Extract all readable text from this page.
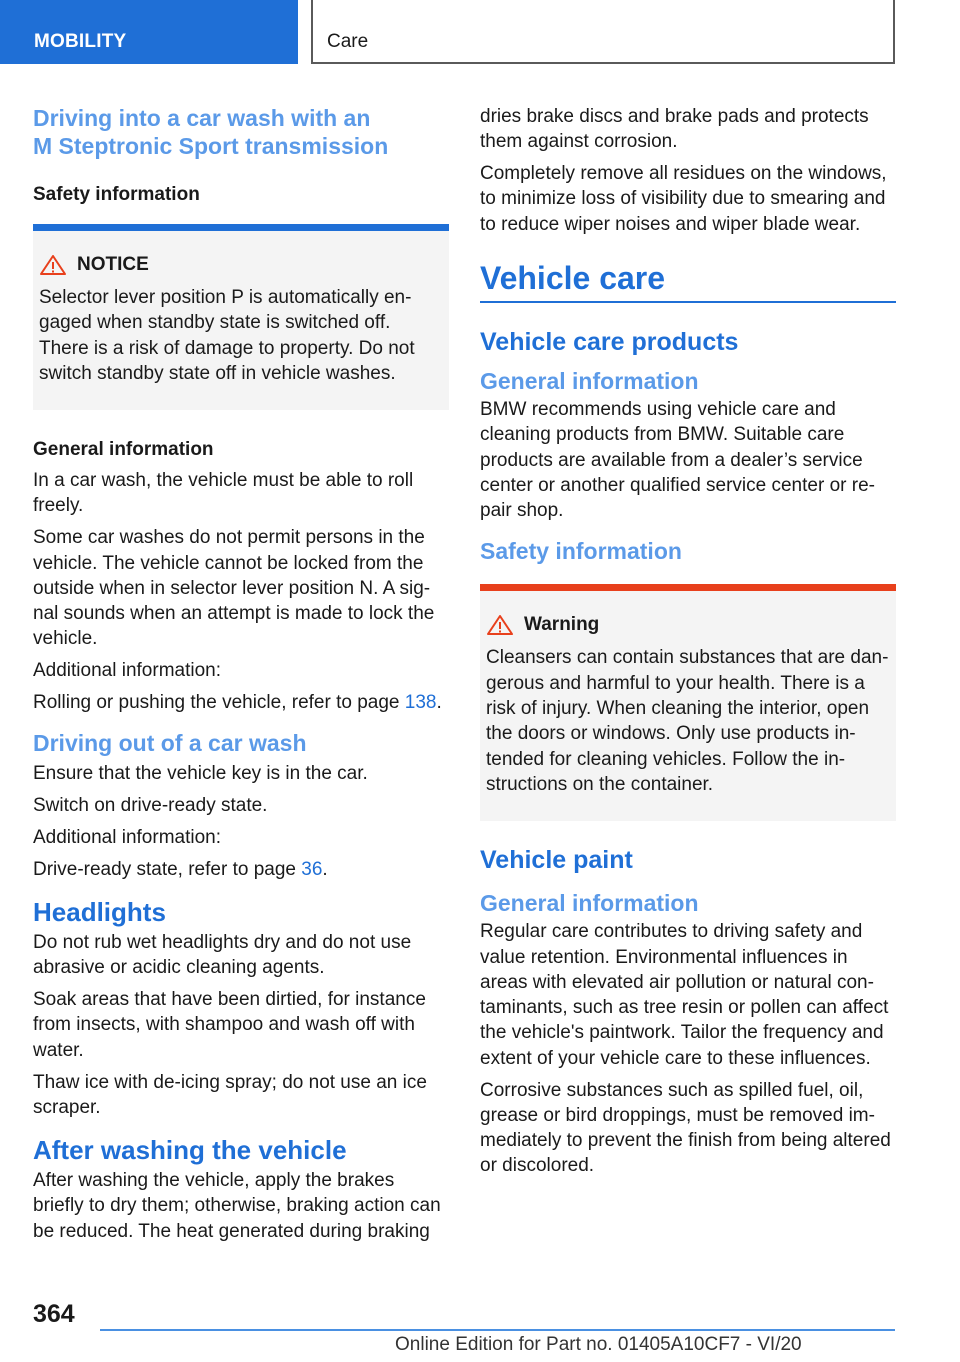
MOBILITY	Care
Driving into a car wash with an
M Steptronic Sport transmission
Safety information
NOTICE

Selector lever position P is automatically engaged when standby state is switched off. There is a risk of damage to property. Do not switch standby state off in vehicle washes.

General information

In a car wash, the vehicle must be able to roll freely.

Some car washes do not permit persons in the vehicle. The vehicle cannot be locked from the outside when in selector lever position N. A signal sounds when an attempt is made to lock the vehicle.

Additional information:

Rolling or pushing the vehicle, refer to page 138.

Driving out of a car wash

Ensure that the vehicle key is in the car.

Switch on drive-ready state.

Additional information:

Drive-ready state, refer to page 36.

Headlights

Do not rub wet headlights dry and do not use abrasive or acidic cleaning agents.

Soak areas that have been dirtied, for instance from insects, with shampoo and wash off with water.

Thaw ice with de-icing spray; do not use an ice scraper.

After washing the vehicle

After washing the vehicle, apply the brakes briefly to dry them; otherwise, braking action can be reduced. The heat generated during braking

dries brake discs and brake pads and protects them against corrosion.

Completely remove all residues on the windows, to minimize loss of visibility due to smearing and to reduce wiper noises and wiper blade wear.

Vehicle care
Vehicle care products
General information

BMW recommends using vehicle care and cleaning products from BMW. Suitable care products are available from a dealer’s service center or another qualified service center or repair shop.

Safety information
Warning

Cleansers can contain substances that are dangerous and harmful to your health. There is a risk of injury. When cleaning the interior, open the doors or windows. Only use products intended for cleaning vehicles. Follow the instructions on the container.

Vehicle paint
General information

Regular care contributes to driving safety and value retention. Environmental influences in areas with elevated air pollution or natural contaminants, such as tree resin or pollen can affect the vehicle's paintwork. Tailor the frequency and extent of your vehicle care to these influences.

Corrosive substances such as spilled fuel, oil, grease or bird droppings, must be removed immediately to prevent the finish from being altered or discolored.

364
Online Edition for Part no. 01405A10CF7 - VI/20
